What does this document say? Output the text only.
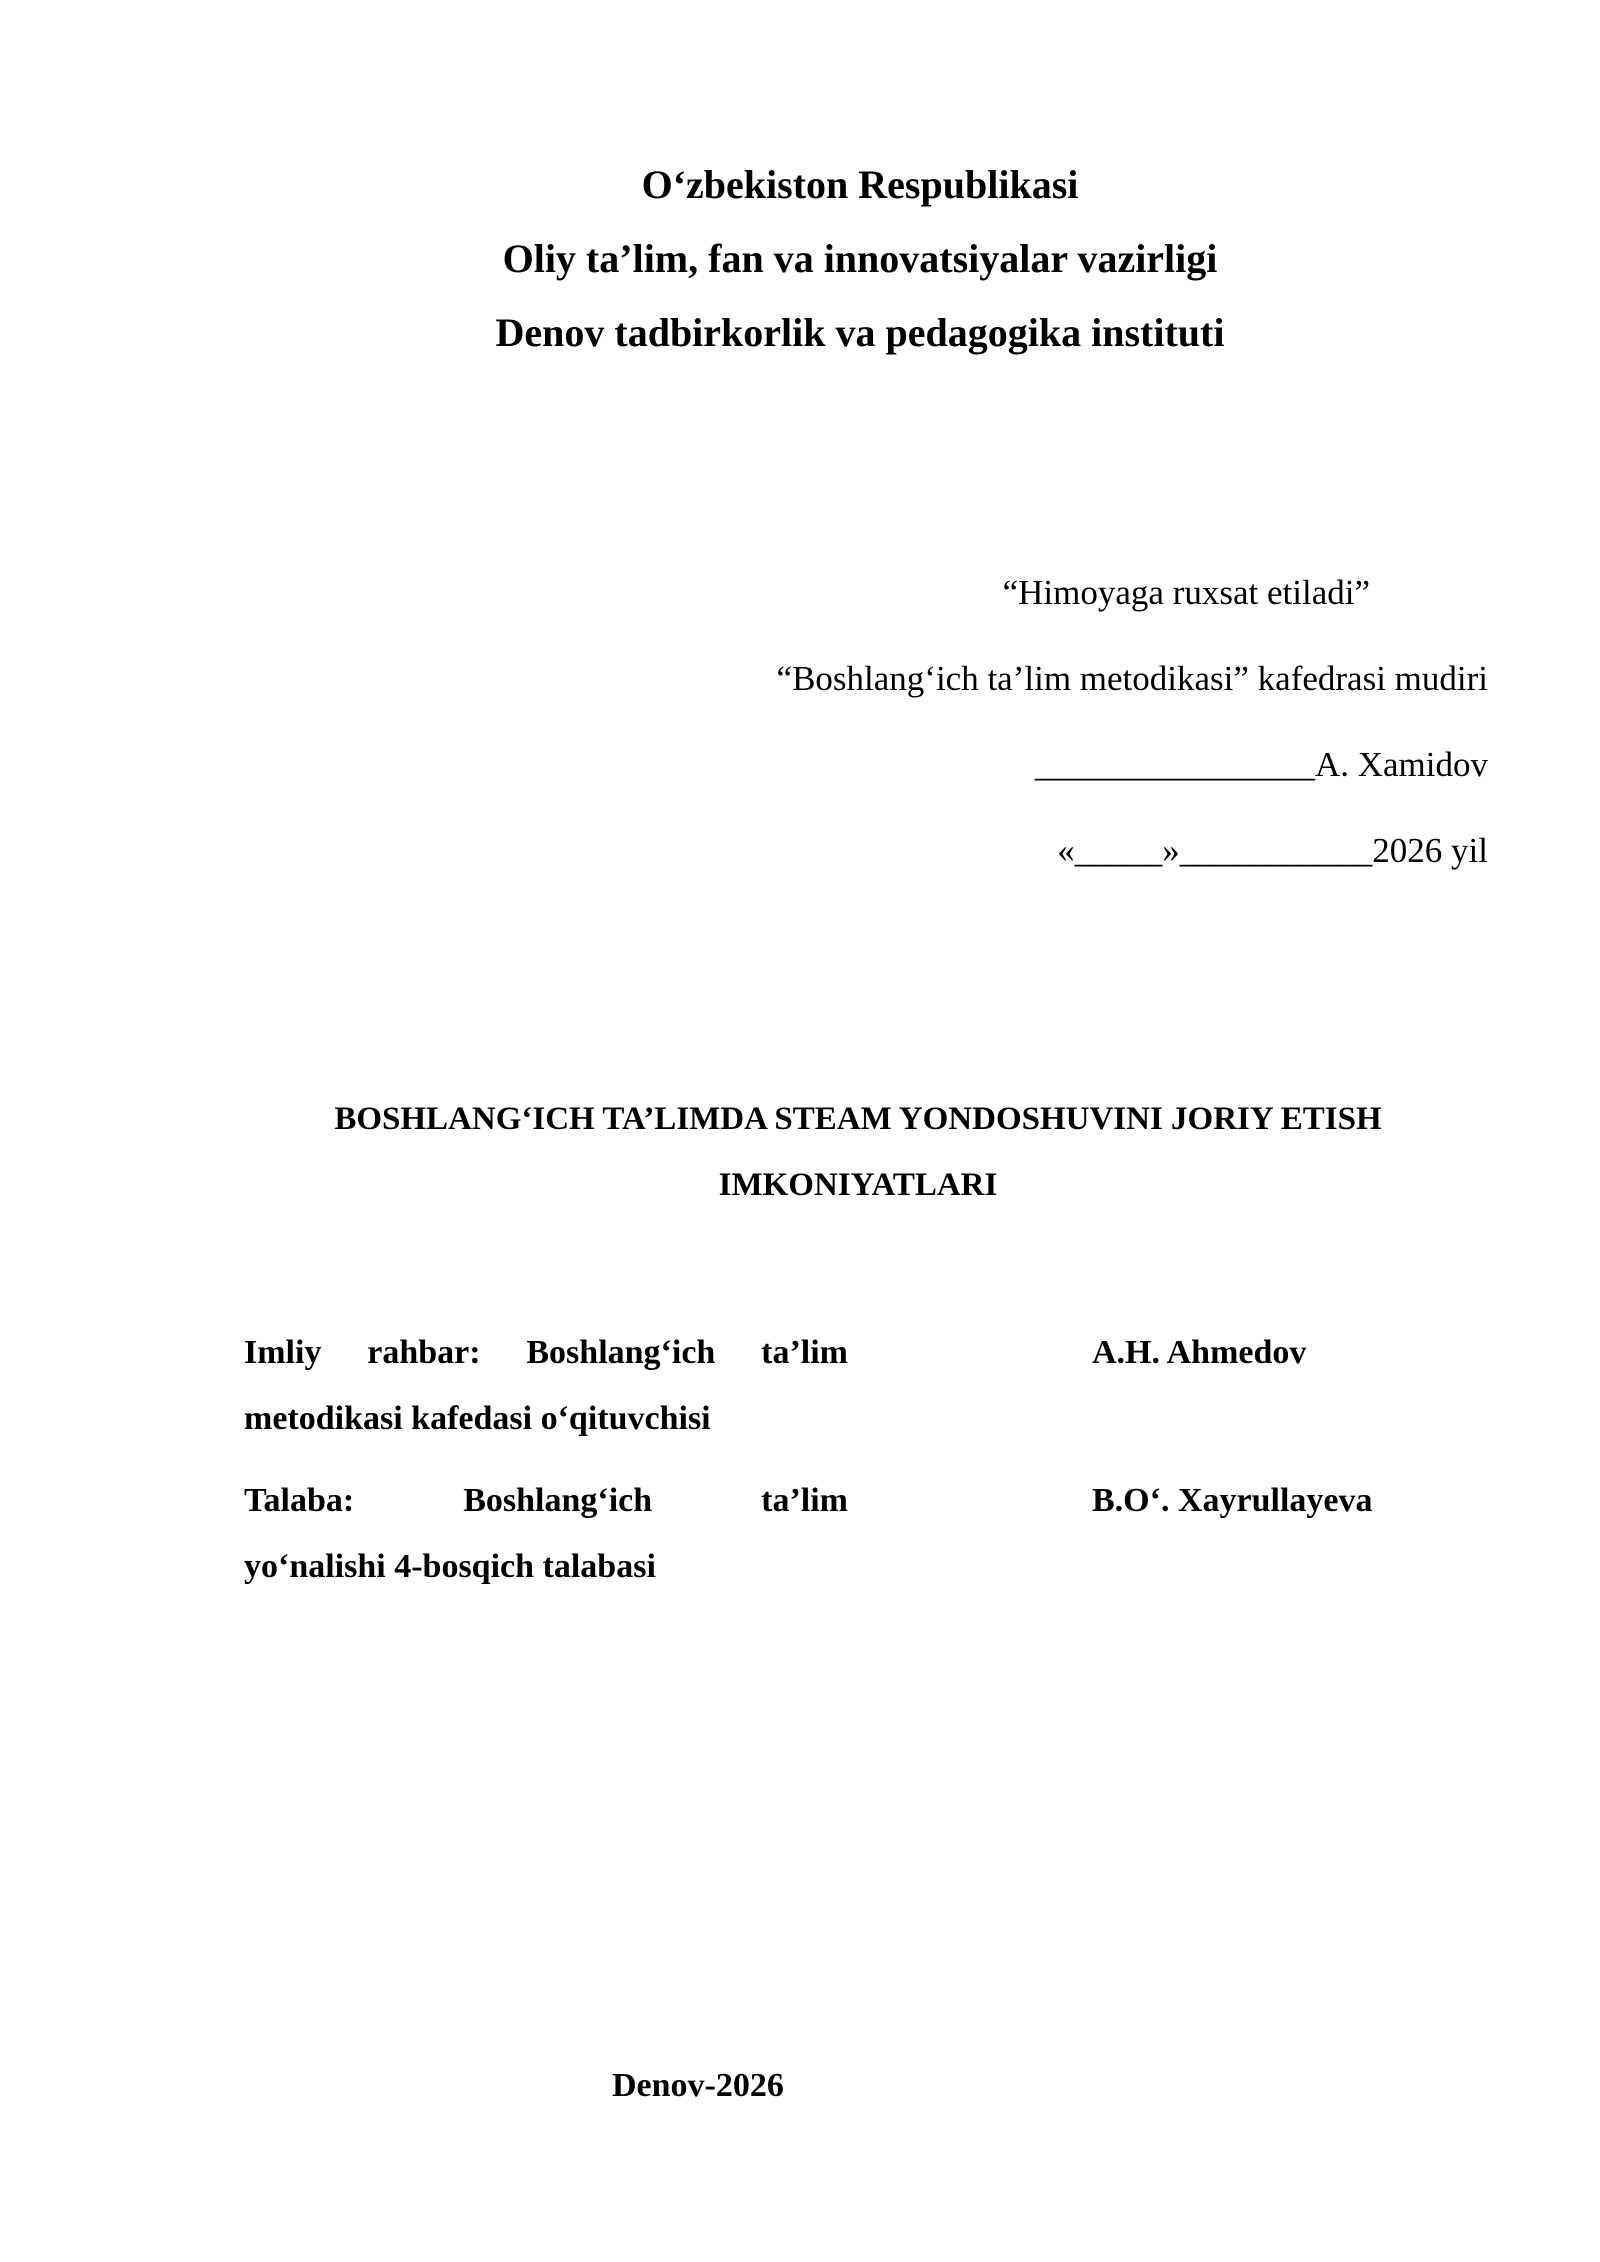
O‘zbekiston Respublikasi
Oliy ta’lim, fan va innovatsiyalar vazirligi
Denov tadbirkorlik va pedagogika instituti
“Himoyaga ruxsat etiladi”
“Boshlang‘ich ta’lim metodikasi” kafedrasi mudiri
________________A. Xamidov
«_____»___________2026 yil
BOSHLANG‘ICH TA’LIMDA STEAM YONDOSHUVINI JORIY ETISH
IMKONIYATLARI
Imliy rahbar: Boshlang‘ich ta’lim
metodikasi kafedasi o‘qituvchisi
A.H. Ahmedov
Talaba: Boshlang‘ich ta’lim
yo‘nalishi 4-bosqich talabasi
B.O‘. Xayrullayeva
Denov-2026
